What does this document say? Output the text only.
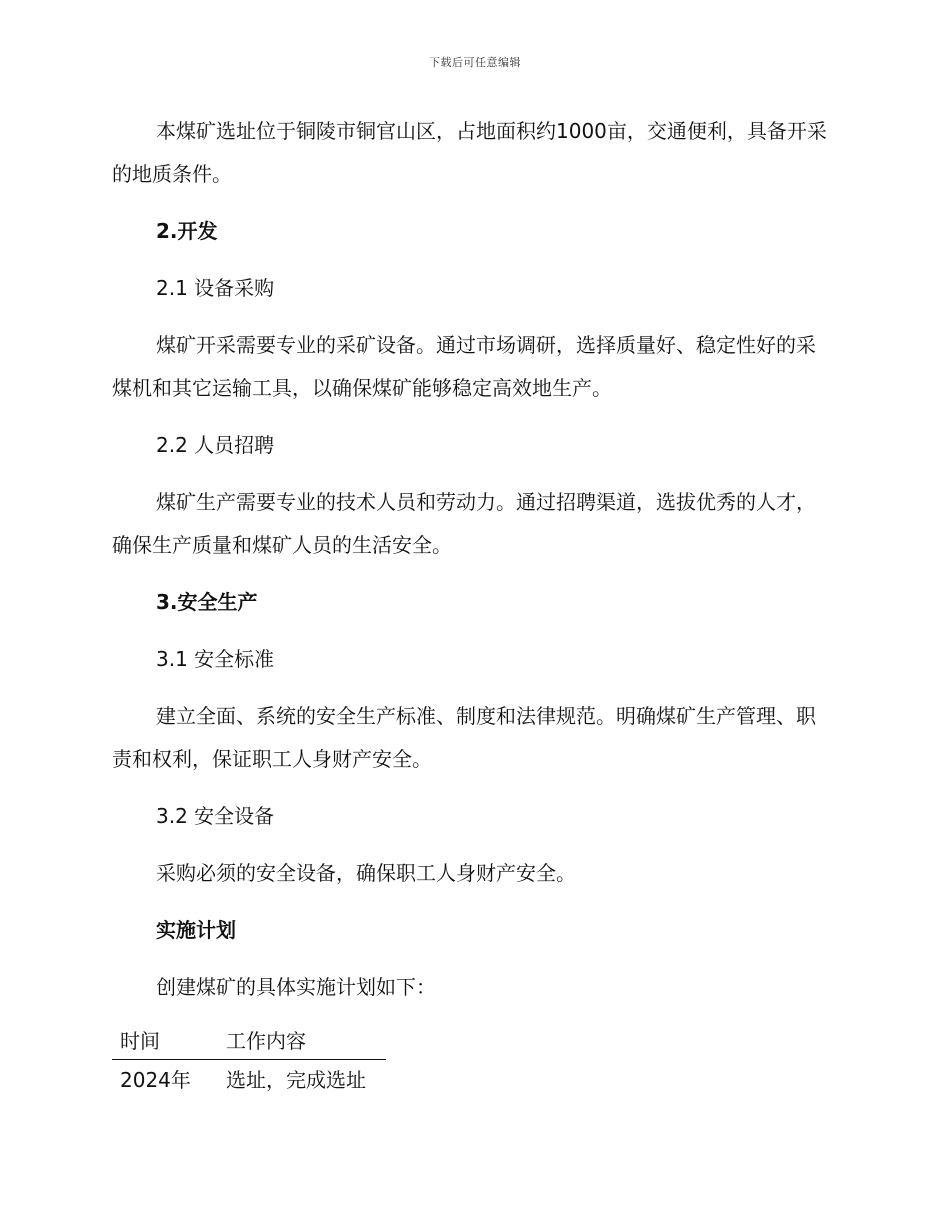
下载后可任意编辑

本煤矿选址位于铜陵市铜官山区，占地面积约1000亩，交通便利，具备开采的地质条件。

2.开发
2.1 设备采购

煤矿开采需要专业的采矿设备。通过市场调研，选择质量好、稳定性好的采煤机和其它运输工具，以确保煤矿能够稳定高效地生产。

2.2 人员招聘

煤矿生产需要专业的技术人员和劳动力。通过招聘渠道，选拔优秀的人才，确保生产质量和煤矿人员的生活安全。

3.安全生产
3.1 安全标准

建立全面、系统的安全生产标准、制度和法律规范。明确煤矿生产管理、职责和权利，保证职工人身财产安全。

3.2 安全设备

采购必须的安全设备，确保职工人身财产安全。

实施计划

创建煤矿的具体实施计划如下：

时间	工作内容
2024年	选址，完成选址
